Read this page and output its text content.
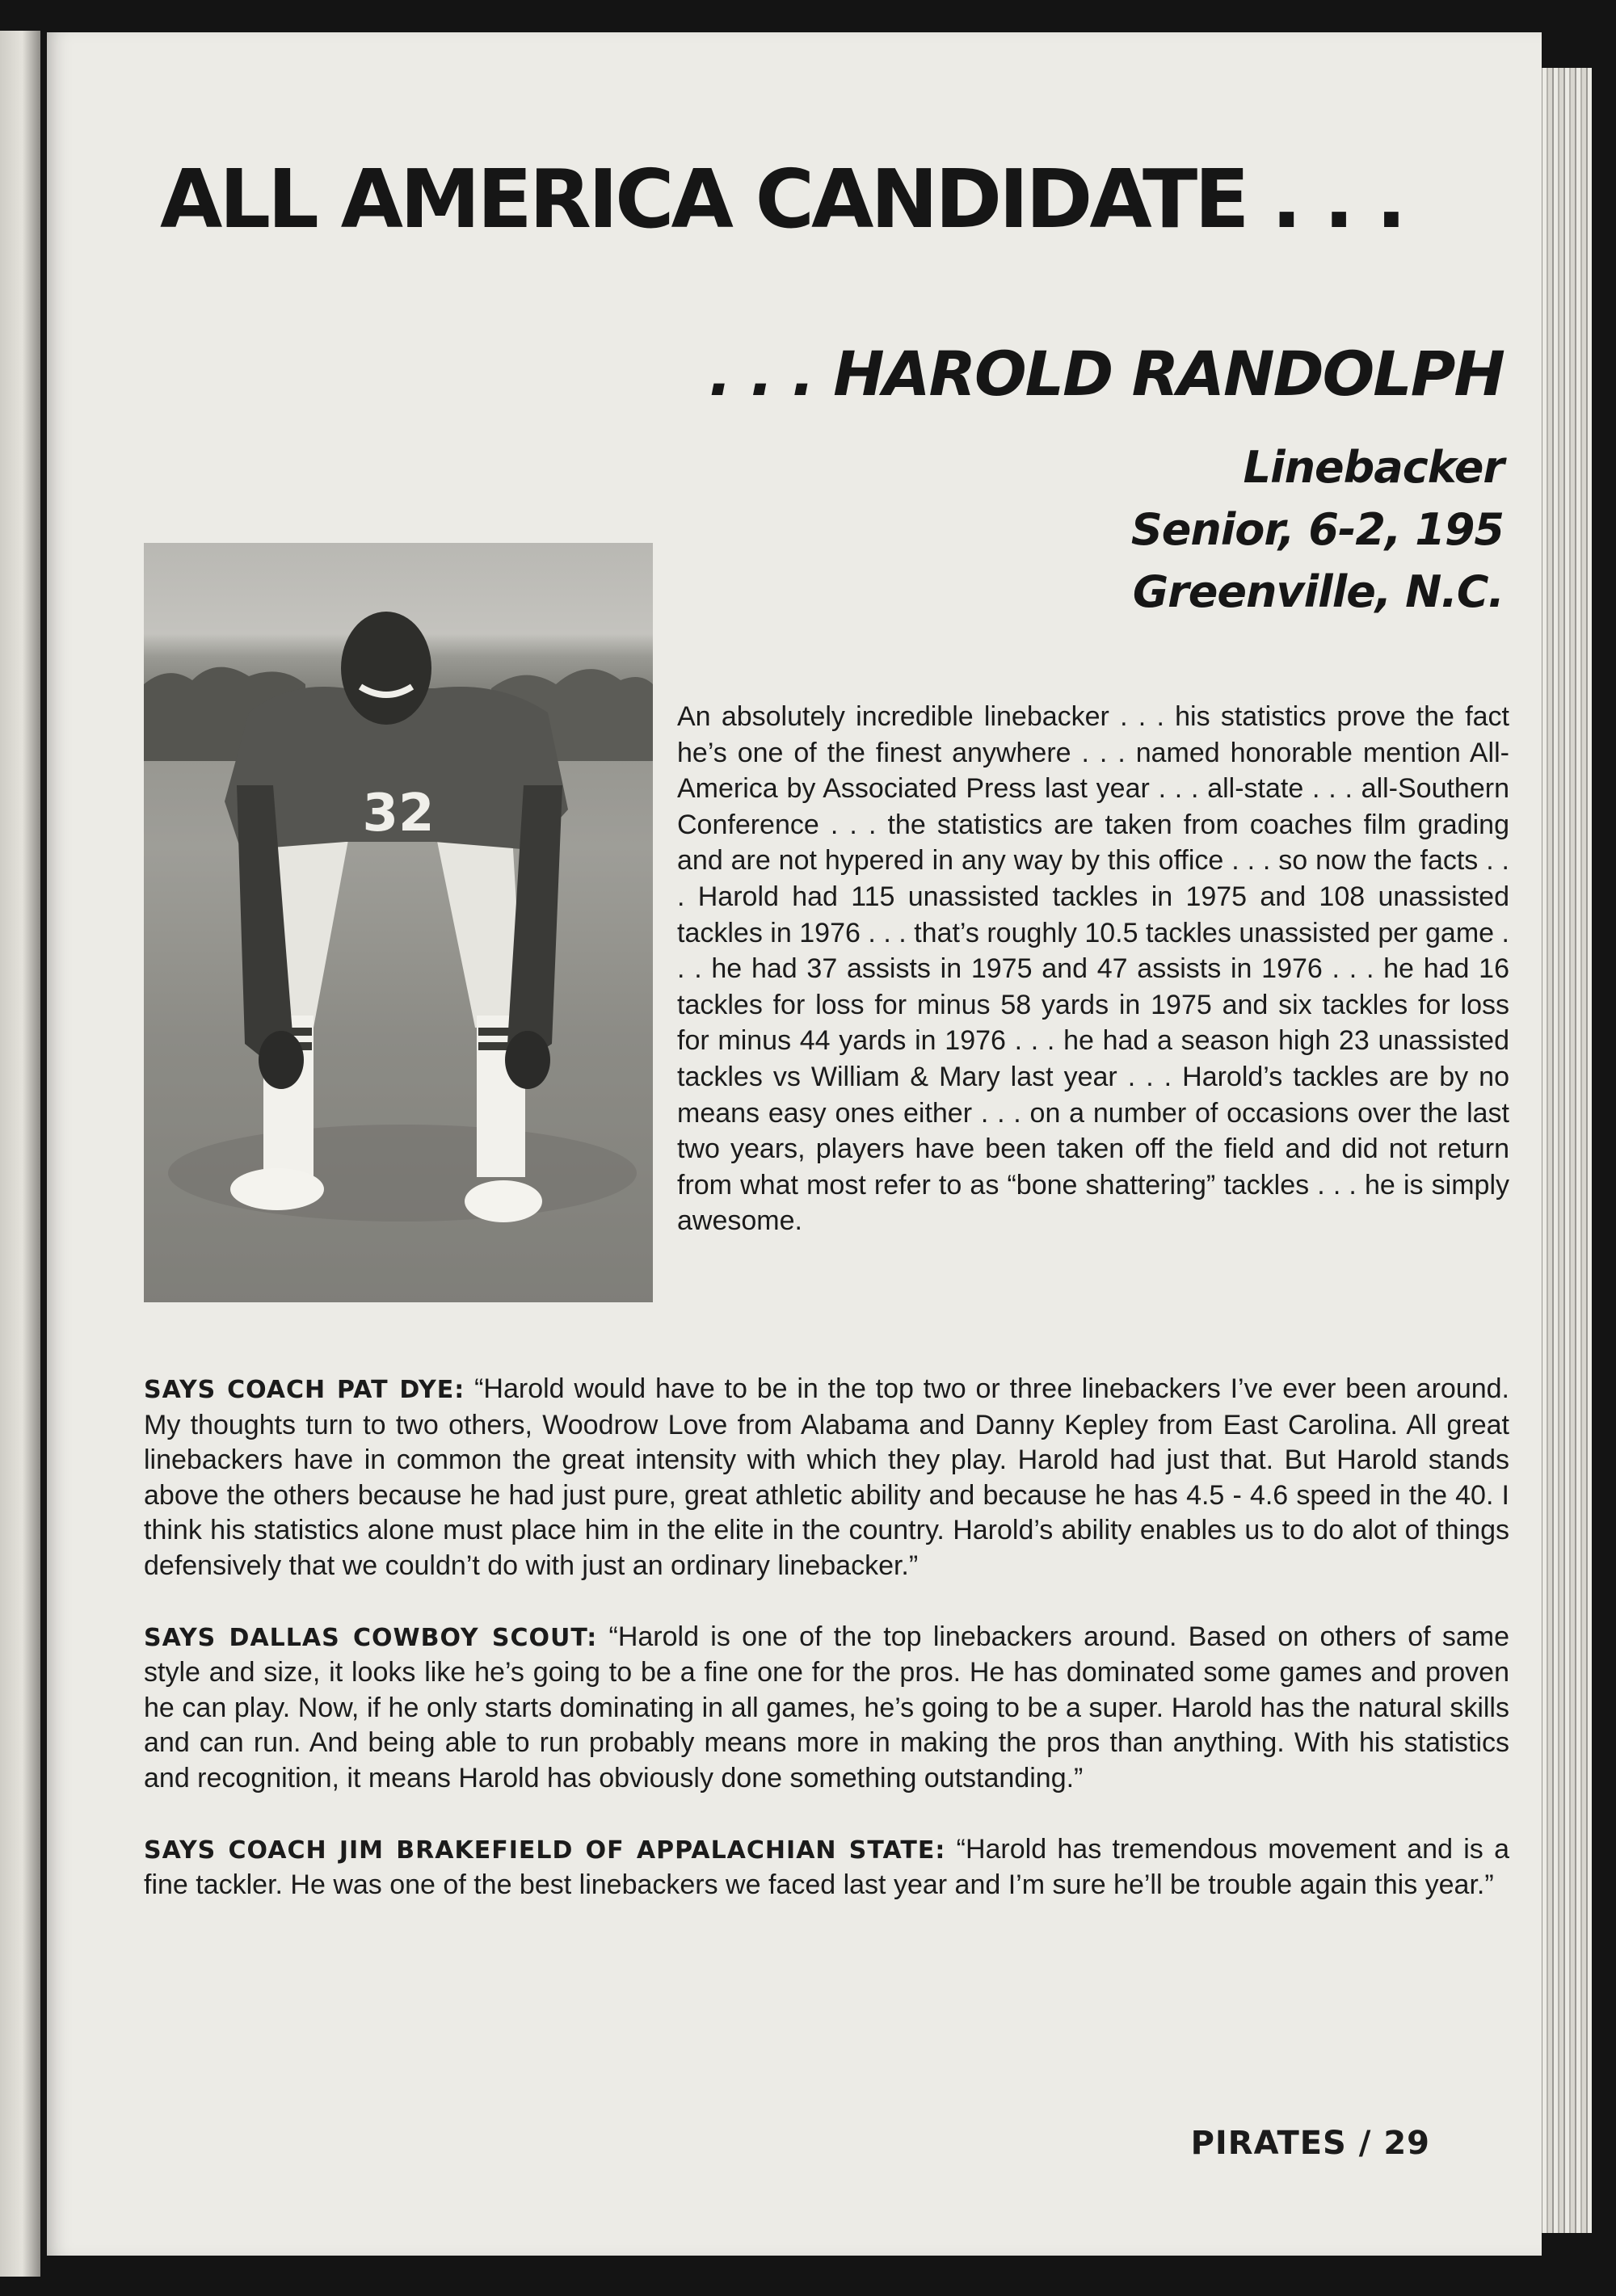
ALL AMERICA CANDIDATE . . .
. . . HAROLD RANDOLPH
Linebacker
Senior, 6-2, 195
Greenville, N.C.
32

An absolutely incredible linebacker . . . his statistics prove the fact he’s one of the finest anywhere . . . named honorable mention All-America by Associated Press last year . . . all-state . . . all-Southern Conference . . . the statistics are taken from coaches film grading and are not hypered in any way by this office . . . so now the facts . . . Harold had 115 unassisted tackles in 1975 and 108 unassisted tackles in 1976 . . . that’s roughly 10.5 tackles unassisted per game . . . he had 37 assists in 1975 and 47 assists in 1976 . . . he had 16 tackles for loss for minus 58 yards in 1975 and six tackles for loss for minus 44 yards in 1976 . . . he had a season high 23 unassisted tackles vs William & Mary last year . . . Harold’s tackles are by no means easy ones either . . . on a number of occasions over the last two years, players have been taken off the field and did not return from what most refer to as “bone shattering” tackles . . . he is simply awesome.

SAYS COACH PAT DYE: “Harold would have to be in the top two or three linebackers I’ve ever been around. My thoughts turn to two others, Woodrow Love from Alabama and Danny Kepley from East Carolina. All great linebackers have in common the great intensity with which they play. Harold had just that. But Harold stands above the others because he had just pure, great athletic ability and because he has 4.5 - 4.6 speed in the 40. I think his statistics alone must place him in the elite in the country. Harold’s ability enables us to do alot of things defensively that we couldn’t do with just an ordinary linebacker.”

SAYS DALLAS COWBOY SCOUT: “Harold is one of the top linebackers around. Based on others of same style and size, it looks like he’s going to be a fine one for the pros. He has dominated some games and proven he can play. Now, if he only starts dominating in all games, he’s going to be a super. Harold has the natural skills and can run. And being able to run probably means more in making the pros than anything. With his statistics and recognition, it means Harold has obviously done something outstanding.”

SAYS COACH JIM BRAKEFIELD OF APPALACHIAN STATE: “Harold has tremendous movement and is a fine tackler. He was one of the best linebackers we faced last year and I’m sure he’ll be trouble again this year.”

PIRATES / 29
